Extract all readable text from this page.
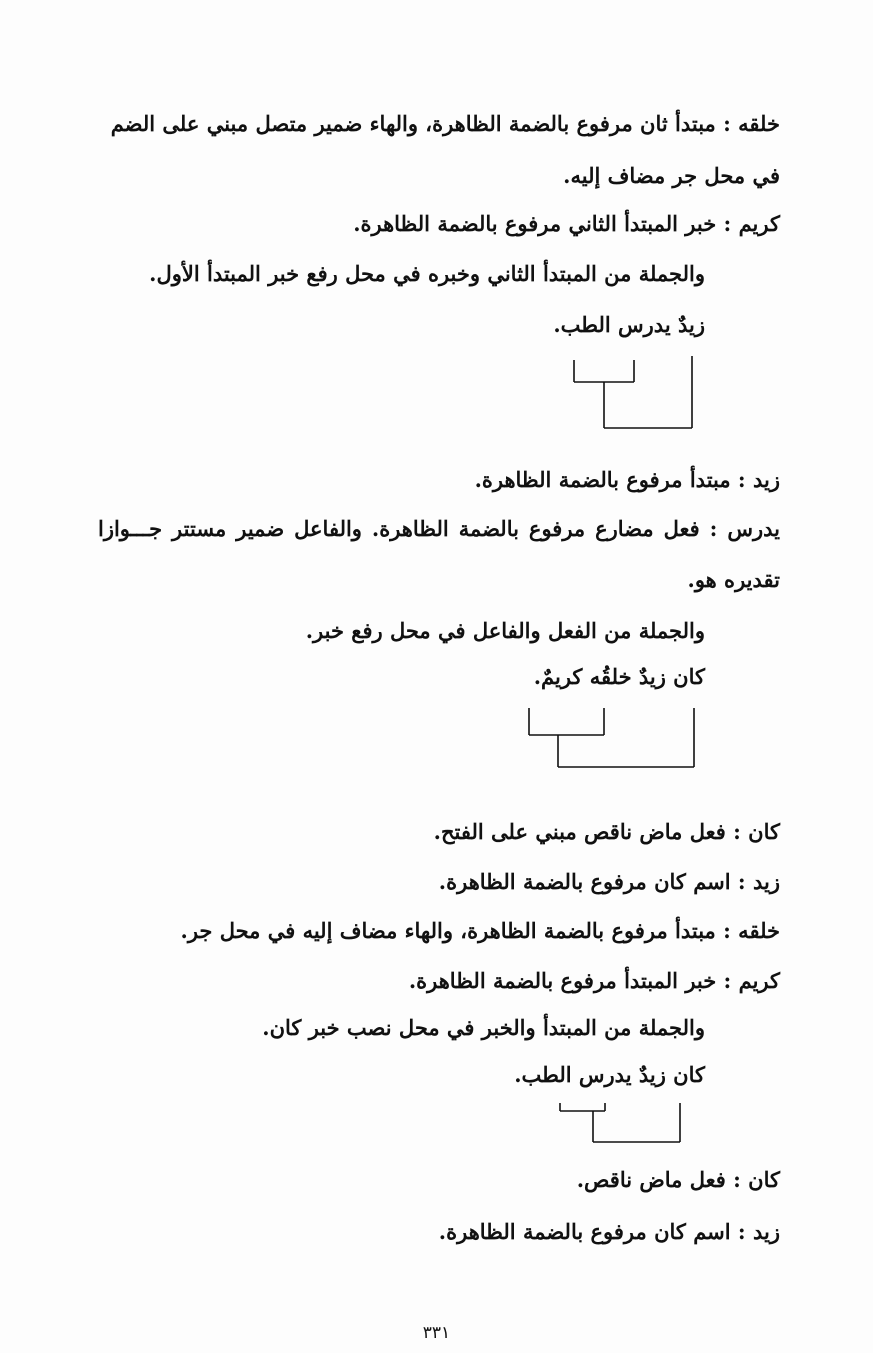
خلقه : مبتدأ ثان مرفوع بالضمة الظاهرة، والهاء ضمير متصل مبني على الضم

في محل جر مضاف إليه.

كريم : خبر المبتدأ الثاني مرفوع بالضمة الظاهرة.

والجملة من المبتدأ الثاني وخبره في محل رفع خبر المبتدأ الأول.

زيدٌ يدرس الطب.

زيد : مبتدأ مرفوع بالضمة الظاهرة.

يدرس : فعل مضارع مرفوع بالضمة الظاهرة. والفاعل ضمير مستتر جـــوازا

تقديره هو.

والجملة من الفعل والفاعل في محل رفع خبر.

كان زيدٌ خلقُه كريمٌ.

كان : فعل ماض ناقص مبني على الفتح.

زيد : اسم كان مرفوع بالضمة الظاهرة.

خلقه : مبتدأ مرفوع بالضمة الظاهرة، والهاء مضاف إليه في محل جر.

كريم : خبر المبتدأ مرفوع بالضمة الظاهرة.

والجملة من المبتدأ والخبر في محل نصب خبر كان.

كان زيدٌ يدرس الطب.

كان : فعل ماض ناقص.

زيد : اسم كان مرفوع بالضمة الظاهرة.

٣٣١
